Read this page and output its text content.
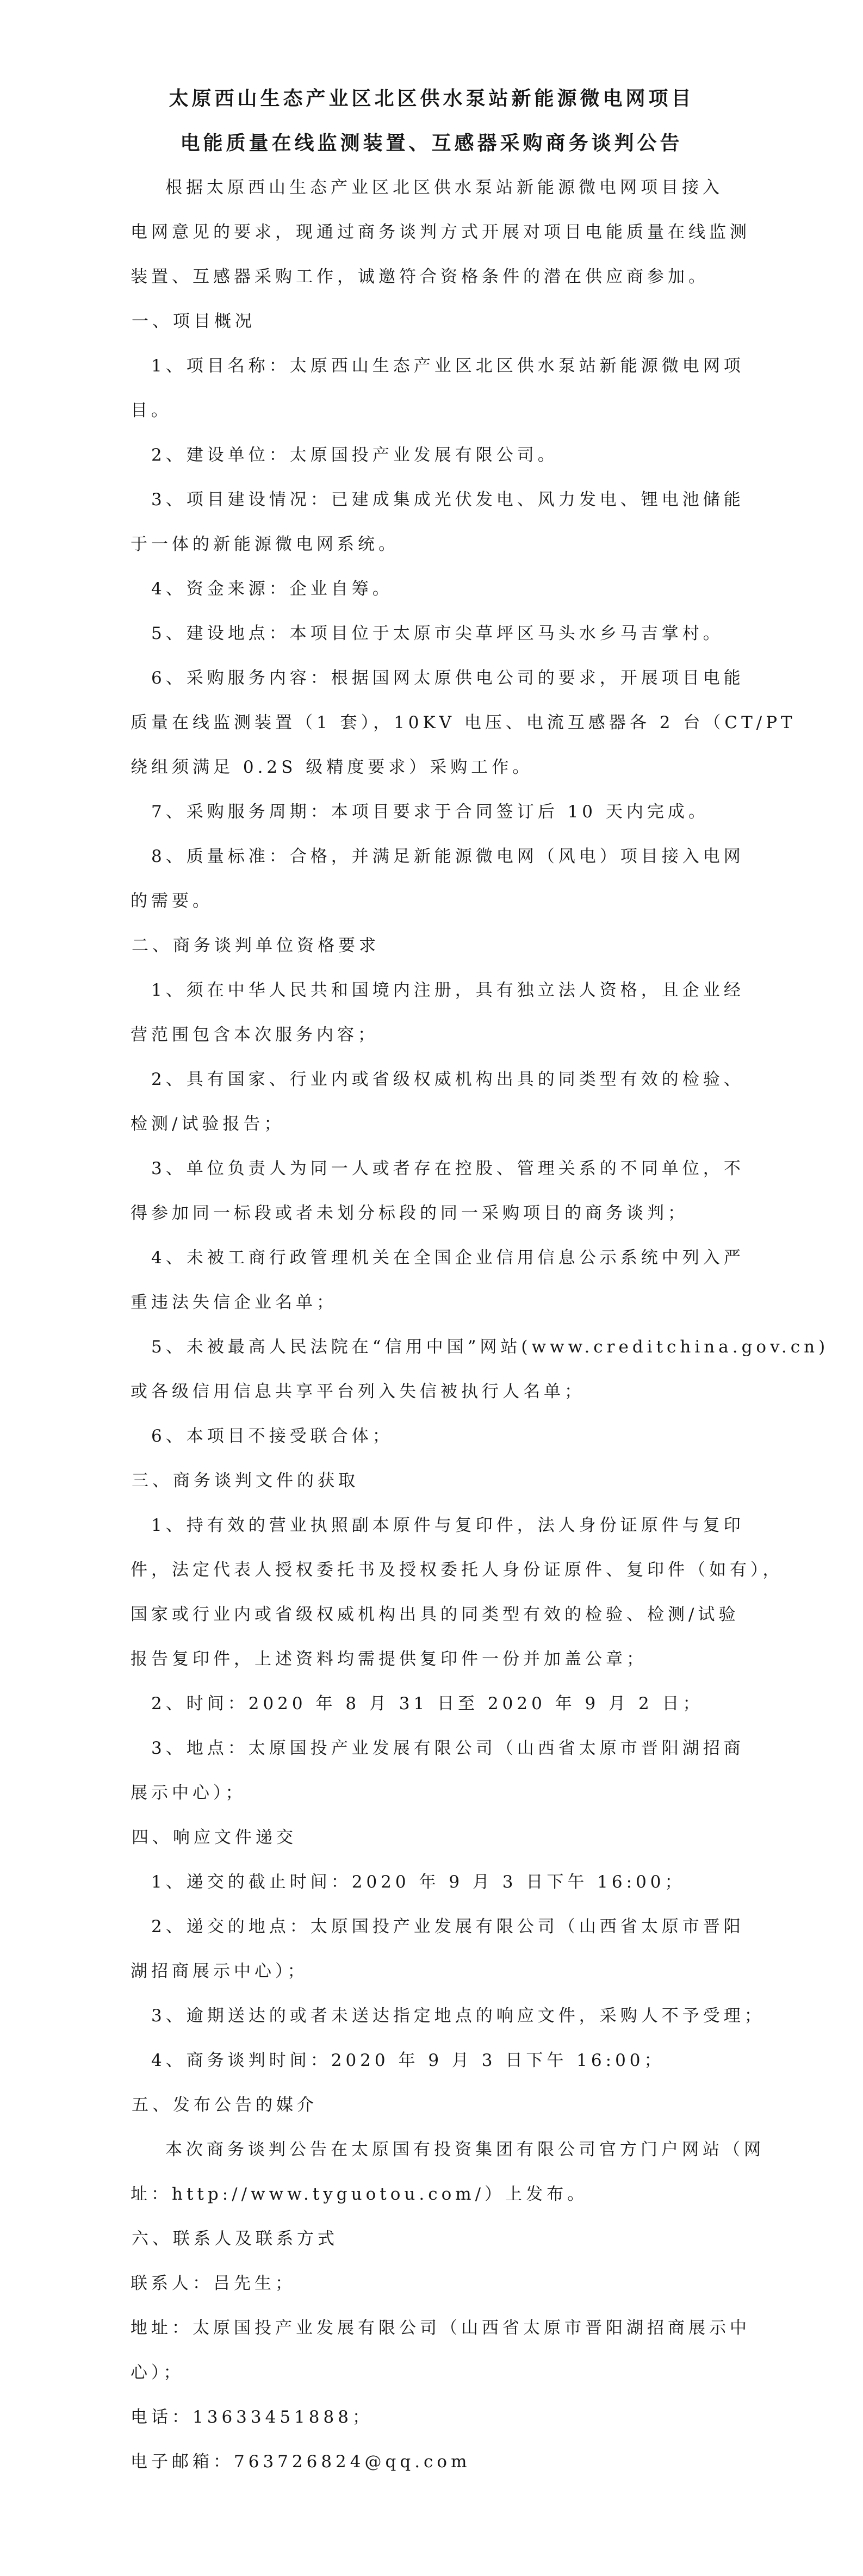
太原西山生态产业区北区供水泵站新能源微电网项目
电能质量在线监测装置、互感器采购商务谈判公告
根据太原西山生态产业区北区供水泵站新能源微电网项目接入
电网意见的要求，现通过商务谈判方式开展对项目电能质量在线监测
装置、互感器采购工作，诚邀符合资格条件的潜在供应商参加。
一、项目概况
1、项目名称：太原西山生态产业区北区供水泵站新能源微电网项
目。
2、建设单位：太原国投产业发展有限公司。
3、项目建设情况：已建成集成光伏发电、风力发电、锂电池储能
于一体的新能源微电网系统。
4、资金来源：企业自筹。
5、建设地点：本项目位于太原市尖草坪区马头水乡马吉掌村。
6、采购服务内容：根据国网太原供电公司的要求，开展项目电能
质量在线监测装置（1 套），10KV 电压、电流互感器各 2 台（CT/PT
绕组须满足 0.2S 级精度要求）采购工作。
7、采购服务周期：本项目要求于合同签订后 10 天内完成。
8、质量标准：合格，并满足新能源微电网（风电）项目接入电网
的需要。
二、商务谈判单位资格要求
1、须在中华人民共和国境内注册，具有独立法人资格，且企业经
营范围包含本次服务内容；
2、具有国家、行业内或省级权威机构出具的同类型有效的检验、
检测/试验报告；
3、单位负责人为同一人或者存在控股、管理关系的不同单位，不
得参加同一标段或者未划分标段的同一采购项目的商务谈判；
4、未被工商行政管理机关在全国企业信用信息公示系统中列入严
重违法失信企业名单；
5、未被最高人民法院在“信用中国”网站(www.creditchina.gov.cn)
或各级信用信息共享平台列入失信被执行人名单；
6、本项目不接受联合体；
三、商务谈判文件的获取
1、持有效的营业执照副本原件与复印件，法人身份证原件与复印
件，法定代表人授权委托书及授权委托人身份证原件、复印件（如有），
国家或行业内或省级权威机构出具的同类型有效的检验、检测/试验
报告复印件，上述资料均需提供复印件一份并加盖公章；
2、时间：2020 年 8 月 31 日至 2020 年 9 月 2 日；
3、地点：太原国投产业发展有限公司（山西省太原市晋阳湖招商
展示中心）；
四、响应文件递交
1、递交的截止时间：2020 年 9 月 3 日下午 16:00；
2、递交的地点：太原国投产业发展有限公司（山西省太原市晋阳
湖招商展示中心）；
3、逾期送达的或者未送达指定地点的响应文件，采购人不予受理；
4、商务谈判时间：2020 年 9 月 3 日下午 16:00；
五、发布公告的媒介
本次商务谈判公告在太原国有投资集团有限公司官方门户网站（网
址：http://www.tyguotou.com/）上发布。
六、联系人及联系方式
联系人：吕先生；
地址：太原国投产业发展有限公司（山西省太原市晋阳湖招商展示中
心）；
电话：13633451888；
电子邮箱：763726824@qq.com
